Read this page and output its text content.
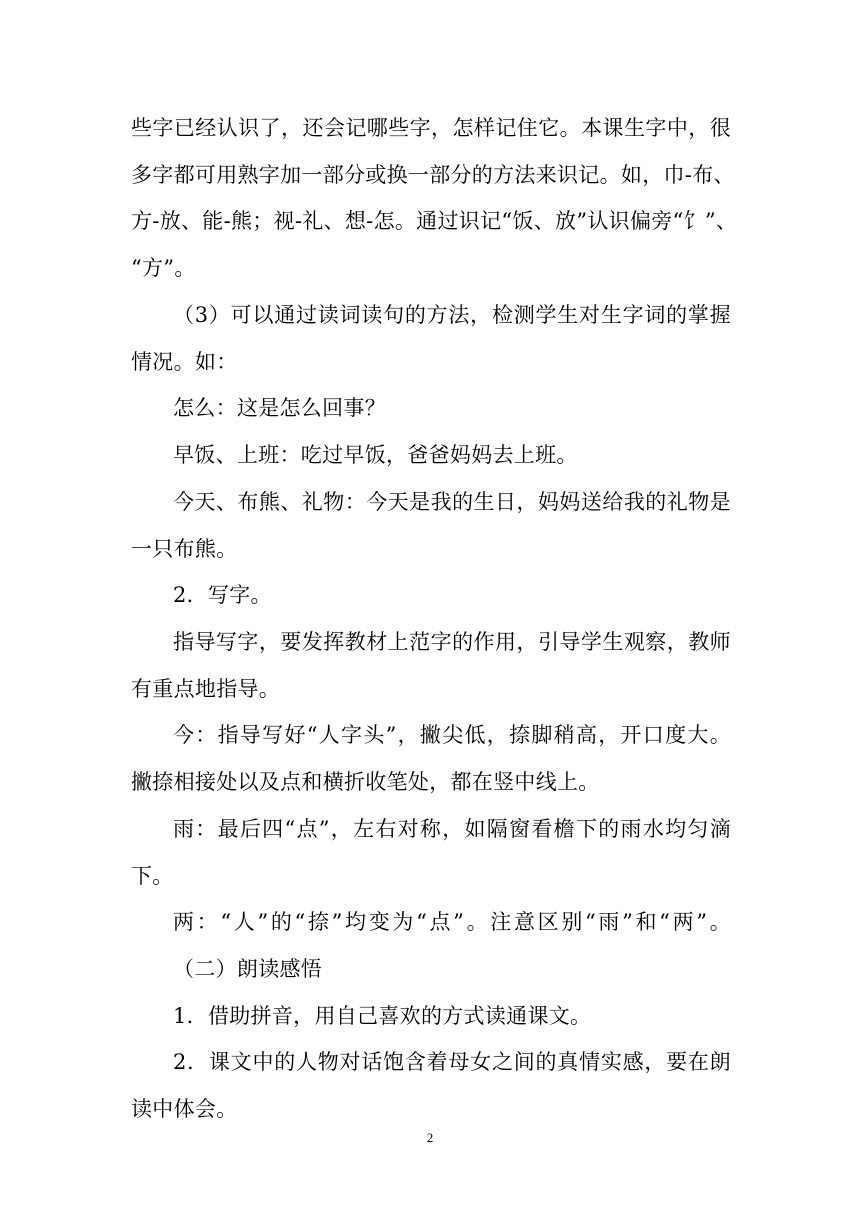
些字已经认识了，还会记哪些字，怎样记住它。本课生字中，很
多字都可用熟字加一部分或换一部分的方法来识记。如，巾-布、
方-放、能-熊；视-礼、想-怎。通过识记“饭、放”认识偏旁“饣”、
“方”。
（3）可以通过读词读句的方法，检测学生对生字词的掌握
情况。如：
怎么：这是怎么回事？
早饭、上班：吃过早饭，爸爸妈妈去上班。
今天、布熊、礼物：今天是我的生日，妈妈送给我的礼物是
一只布熊。
2．写字。
指导写字，要发挥教材上范字的作用，引导学生观察，教师
有重点地指导。
今：指导写好“人字头”，撇尖低，捺脚稍高，开口度大。
撇捺相接处以及点和横折收笔处，都在竖中线上。
雨：最后四“点”，左右对称，如隔窗看檐下的雨水均匀滴
下。
两：“人”的“捺”均变为“点”。注意区别“雨”和“两”。
（二）朗读感悟
1．借助拼音，用自己喜欢的方式读通课文。
2．课文中的人物对话饱含着母女之间的真情实感，要在朗
读中体会。
2
